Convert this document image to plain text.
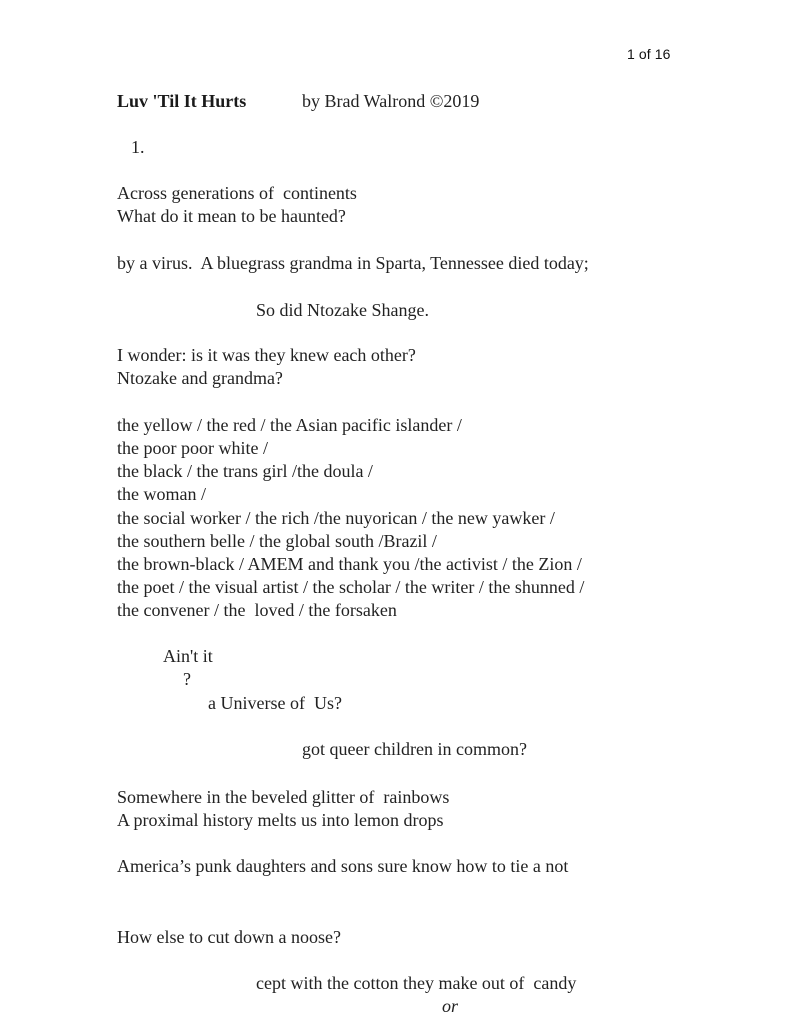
1 of 16
Luv 'Til It Hurts	by Brad Walrond ©2019
1.
Across generations of  continents
What do it mean to be haunted?
by a virus.  A bluegrass grandma in Sparta, Tennessee died today;
So did Ntozake Shange.
I wonder: is it was they knew each other?
Ntozake and grandma?
the yellow / the red / the Asian pacific islander /
the poor poor white /
the black / the trans girl /the doula /
the woman /
the social worker / the rich /the nuyorican / the new yawker /
the southern belle / the global south /Brazil /
the brown-black / AMEM and thank you /the activist / the Zion /
the poet / the visual artist / the scholar / the writer / the shunned /
the convener / the  loved / the forsaken
Ain't it
?
a Universe of  Us?
got queer children in common?
Somewhere in the beveled glitter of  rainbows
A proximal history melts us into lemon drops
America’s punk daughters and sons sure know how to tie a not
How else to cut down a noose?
cept with the cotton they make out of  candy
or
